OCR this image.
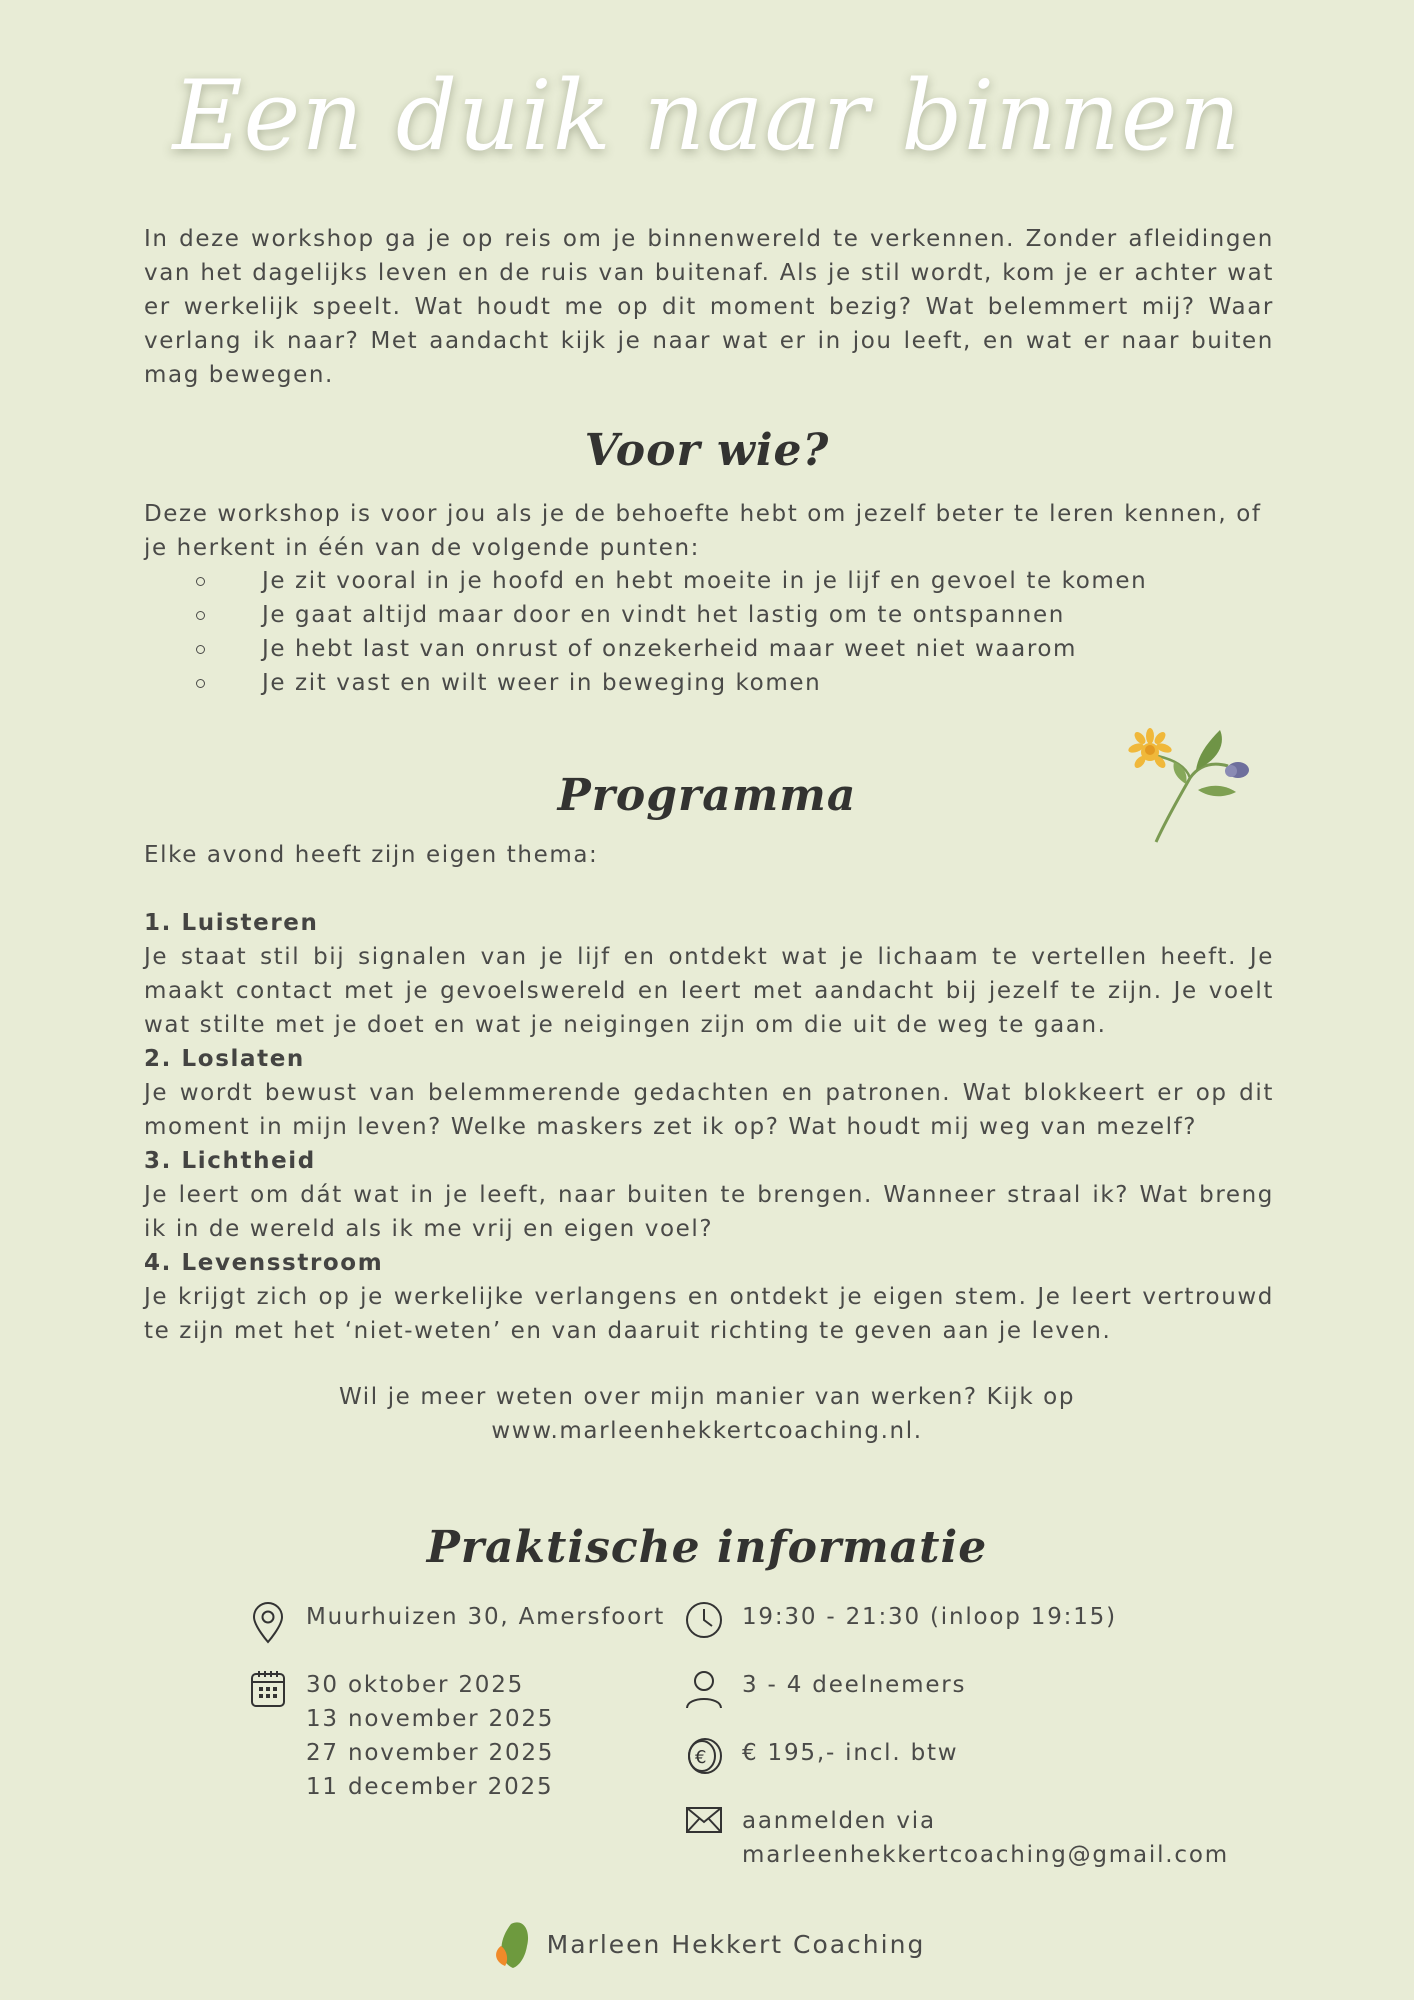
Een duik naar binnen
In deze workshop ga je op reis om je binnenwereld te verkennen. Zonder afleidingen van het dagelijks leven en de ruis van buitenaf. Als je stil wordt, kom je er achter wat er werkelijk speelt. Wat houdt me op dit moment bezig? Wat belemmert mij? Waar verlang ik naar? Met aandacht kijk je naar wat er in jou leeft, en wat er naar buiten mag bewegen.
Voor wie?
Deze workshop is voor jou als je de behoefte hebt om jezelf beter te leren kennen, of je herkent in één van de volgende punten:
Je zit vooral in je hoofd en hebt moeite in je lijf en gevoel te komen
Je gaat altijd maar door en vindt het lastig om te ontspannen
Je hebt last van onrust of onzekerheid maar weet niet waarom
Je zit vast en wilt weer in beweging komen
Programma
Elke avond heeft zijn eigen thema:
1. Luisteren
Je staat stil bij signalen van je lijf en ontdekt wat je lichaam te vertellen heeft. Je maakt contact met je gevoelswereld en leert met aandacht bij jezelf te zijn. Je voelt wat stilte met je doet en wat je neigingen zijn om die uit de weg te gaan.
2. Loslaten
Je wordt bewust van belemmerende gedachten en patronen. Wat blokkeert er op dit moment in mijn leven? Welke maskers zet ik op? Wat houdt mij weg van mezelf?
3. Lichtheid
Je leert om dát wat in je leeft, naar buiten te brengen. Wanneer straal ik? Wat breng ik in de wereld als ik me vrij en eigen voel?
4. Levensstroom
Je krijgt zich op je werkelijke verlangens en ontdekt je eigen stem. Je leert vertrouwd te zijn met het ‘niet-weten’ en van daaruit richting te geven aan je leven.
Wil je meer weten over mijn manier van werken? Kijk op
www.marleenhekkertcoaching.nl.
Praktische informatie
Muurhuizen 30, Amersfoort
30 oktober 2025
13 november 2025
27 november 2025
11 december 2025
19:30 - 21:30 (inloop 19:15)
3 - 4 deelnemers
€ € 195,- incl. btw
aanmelden via
marleenhekkertcoaching@gmail.com
Marleen Hekkert Coaching
